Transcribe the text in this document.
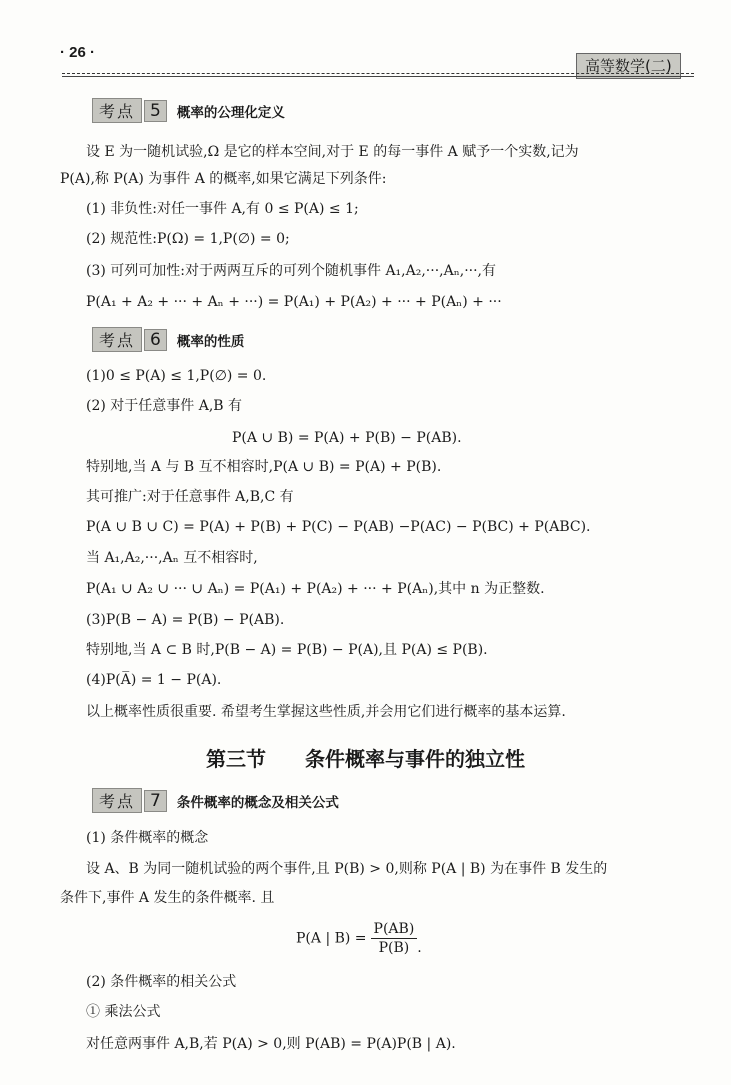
· 26 ·
高等数学(二)
考点 5 概率的公理化定义
设 E 为一随机试验,Ω 是它的样本空间,对于 E 的每一事件 A 赋予一个实数,记为
P(A),称 P(A) 为事件 A 的概率,如果它满足下列条件:
(1) 非负性:对任一事件 A,有 0 ≤ P(A) ≤ 1;
(2) 规范性:P(Ω) = 1,P(∅) = 0;
(3) 可列可加性:对于两两互斥的可列个随机事件 A₁,A₂,···,Aₙ,···,有
P(A₁ + A₂ + ··· + Aₙ + ···) = P(A₁) + P(A₂) + ··· + P(Aₙ) + ···
考点 6 概率的性质
(1)0 ≤ P(A) ≤ 1,P(∅) = 0.
(2) 对于任意事件 A,B 有
P(A ∪ B) = P(A) + P(B) − P(AB).
特别地,当 A 与 B 互不相容时,P(A ∪ B) = P(A) + P(B).
其可推广:对于任意事件 A,B,C 有
P(A ∪ B ∪ C) = P(A) + P(B) + P(C) − P(AB) −P(AC) − P(BC) + P(ABC).
当 A₁,A₂,···,Aₙ 互不相容时,
P(A₁ ∪ A₂ ∪ ··· ∪ Aₙ) = P(A₁) + P(A₂) + ··· + P(Aₙ),其中 n 为正整数.
(3)P(B − A) = P(B) − P(AB).
特别地,当 A ⊂ B 时,P(B − A) = P(B) − P(A),且 P(A) ≤ P(B).
(4)P(A̅) = 1 − P(A).
以上概率性质很重要. 希望考生掌握这些性质,并会用它们进行概率的基本运算.
第三节 条件概率与事件的独立性
考点 7 条件概率的概念及相关公式
(1) 条件概率的概念
设 A、B 为同一随机试验的两个事件,且 P(B) > 0,则称 P(A | B) 为在事件 B 发生的
条件下,事件 A 发生的条件概率. 且
P(A | $B) = \frac{P(AB)}{P(B)}$ .
(2) 条件概率的相关公式
① 乘法公式
对任意两事件 A,B,若 P(A) > 0,则 P(AB) = P(A)P(B | A).
